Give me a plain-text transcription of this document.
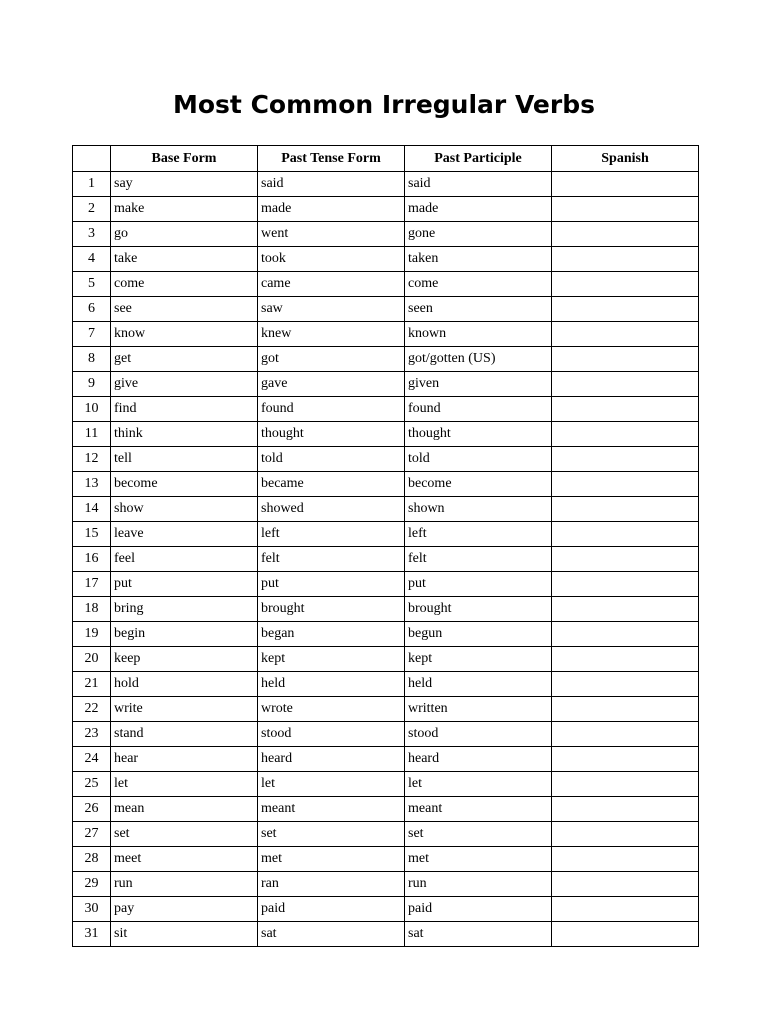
Most Common Irregular Verbs
	Base Form	Past Tense Form	Past Participle	Spanish
1	say	said	said	
2	make	made	made	
3	go	went	gone	
4	take	took	taken	
5	come	came	come	
6	see	saw	seen	
7	know	knew	known	
8	get	got	got/gotten (US)	
9	give	gave	given	
10	find	found	found	
11	think	thought	thought	
12	tell	told	told	
13	become	became	become	
14	show	showed	shown	
15	leave	left	left	
16	feel	felt	felt	
17	put	put	put	
18	bring	brought	brought	
19	begin	began	begun	
20	keep	kept	kept	
21	hold	held	held	
22	write	wrote	written	
23	stand	stood	stood	
24	hear	heard	heard	
25	let	let	let	
26	mean	meant	meant	
27	set	set	set	
28	meet	met	met	
29	run	ran	run	
30	pay	paid	paid	
31	sit	sat	sat	
